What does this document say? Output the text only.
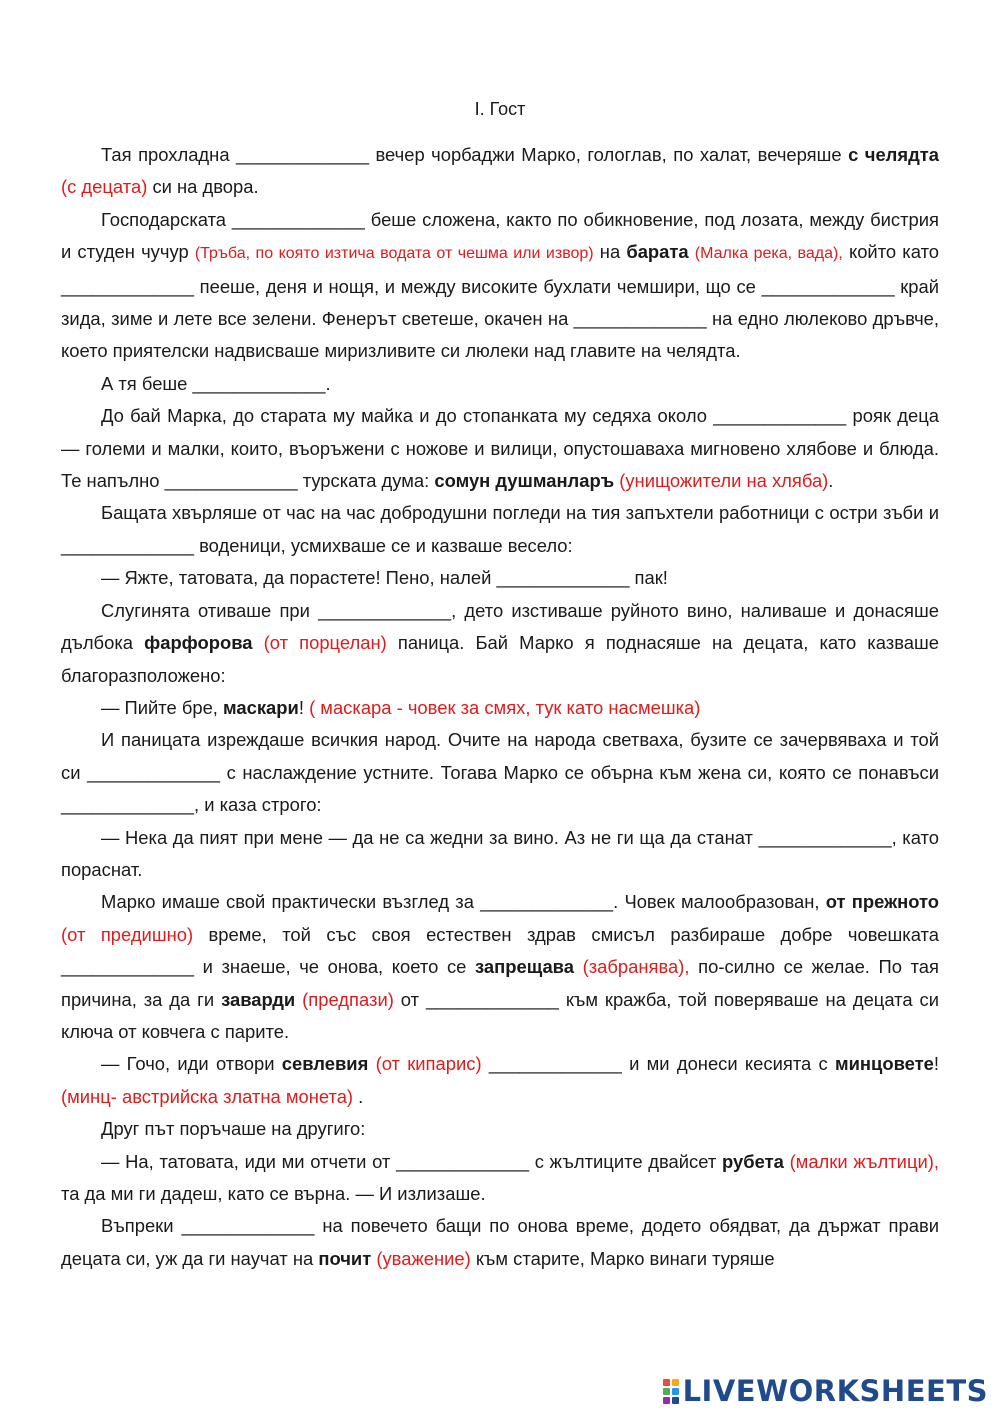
І. Гост

Тая прохладна _____________ вечер чорбаджи Марко, гологлав, по халат, вечеряше с челядта (с децата) си на двора.

Господарската _____________ беше сложена, както по обикновение, под лозата, между бистрия и студен чучур (Тръба, по която изтича водата от чешма или извор) на барата (Малка река, вада), който като _____________ пееше, деня и нощя, и между високите бухлати чемшири, що се _____________ край зида, зиме и лете все зелени. Фенерът светеше, окачен на _____________ на едно люлеково дръвче, което приятелски надвисваше миризливите си люлеки над главите на челядта.

А тя беше _____________.

До бай Марка, до старата му майка и до стопанката му седяха около _____________ рояк деца — големи и малки, които, въоръжени с ножове и вилици, опустошаваха мигновено хлябове и блюда. Те напълно _____________ турската дума: сомун душманларъ (унищожители на хляба).

Бащата хвърляше от час на час добродушни погледи на тия запъхтели работници с остри зъби и _____________ воденици, усмихваше се и казваше весело:

— Яжте, татовата, да порастете! Пено, налей _____________ пак!

Слугинята отиваше при _____________, дето изстиваше руйното вино, наливаше и донасяше дълбока фарфорова (от порцелан) паница. Бай Марко я поднасяше на децата, като казваше благоразположено:

— Пийте бре, маскари! ( маскара - човек за смях, тук като насмешка)

И паницата изреждаше всичкия народ. Очите на народа светваха, бузите се зачервяваха и той си _____________ с наслаждение устните. Тогава Марко се обърна към жена си, която се понавъси _____________, и каза строго:

— Нека да пият при мене — да не са жедни за вино. Аз не ги ща да станат _____________, като пораснат.

Марко имаше свой практически възглед за _____________. Човек малообразован, от прежното (от предишно) време, той със своя естествен здрав смисъл разбираше добре човешката _____________ и знаеше, че онова, което се запрещава (забранява), по-силно се желае. По тая причина, за да ги заварди (предпази) от _____________ към кражба, той поверяваше на децата си ключа от ковчега с парите.

— Гочо, иди отвори севлевия (от кипарис) _____________ и ми донеси кесията с минцовете! (минц- австрийска златна монета) .

Друг път поръчаше на другиго:

— На, татовата, иди ми отчети от _____________ с жълтиците двайсет рубета (малки жълтици), та да ми ги дадеш, като се върна. — И излизаше.

Въпреки _____________ на повечето бащи по онова време, додето обядват, да държат прави децата си, уж да ги научат на почит (уважение) към старите, Марко винаги туряше

LIVEWORKSHEETS
